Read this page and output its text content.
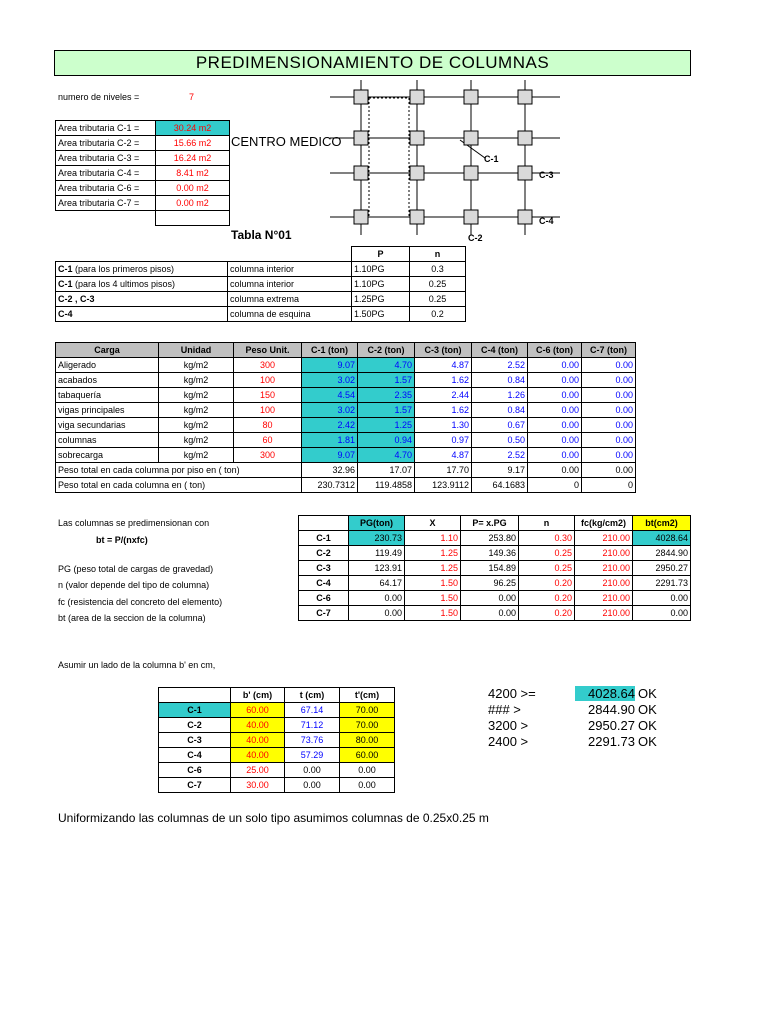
PREDIMENSIONAMIENTO DE COLUMNAS
numero de niveles =	7
Area tributaria C-1 =	30.24 m2
Area tributaria C-2 =	15.66 m2
Area tributaria C-3 =	16.24 m2
Area tributaria C-4 =	8.41 m2
Area tributaria C-6 =	0.00 m2
Area tributaria C-7 =	0.00 m2

CENTRO MEDICO
C-1
C-2
C-3
C-4
Tabla N°01
		P	n
C-1 (para los primeros pisos)	columna interior	1.10PG	0.3
C-1 (para los 4 ultimos pisos)	columna interior	1.10PG	0.25
C-2 , C-3	columna extrema	1.25PG	0.25
C-4	columna de esquina	1.50PG	0.2
Carga	Unidad	Peso Unit.	C-1 (ton)	C-2 (ton)	C-3 (ton)	C-4 (ton)	C-6 (ton)	C-7 (ton)
Aligerado	kg/m2	300	9.07	4.70	4.87	2.52	0.00	0.00
acabados	kg/m2	100	3.02	1.57	1.62	0.84	0.00	0.00
tabaquería	kg/m2	150	4.54	2.35	2.44	1.26	0.00	0.00
vigas principales	kg/m2	100	3.02	1.57	1.62	0.84	0.00	0.00
viga secundarias	kg/m2	80	2.42	1.25	1.30	0.67	0.00	0.00
columnas	kg/m2	60	1.81	0.94	0.97	0.50	0.00	0.00
sobrecarga	kg/m2	300	9.07	4.70	4.87	2.52	0.00	0.00
Peso total en cada columna por piso en ( ton)			32.96	17.07	17.70	9.17	0.00	0.00
Peso total en cada columna en ( ton)			230.7312	119.4858	123.9112	64.1683	0	0
Las columnas se predimensionan con
bt = P/(nxfc)
PG (peso total de cargas de gravedad)
n (valor depende del tipo de columna)
fc (resistencia del concreto del elemento)
bt (area de la seccion de la columna)
	PG(ton)	X	P= x.PG	n	fc(kg/cm2)	bt(cm2)
C-1	230.73	1.10	253.80	0.30	210.00	4028.64
C-2	119.49	1.25	149.36	0.25	210.00	2844.90
C-3	123.91	1.25	154.89	0.25	210.00	2950.27
C-4	64.17	1.50	96.25	0.20	210.00	2291.73
C-6	0.00	1.50	0.00	0.20	210.00	0.00
C-7	0.00	1.50	0.00	0.20	210.00	0.00
Asumir un lado de la columna b' en cm,
	b' (cm)	t (cm)	t'(cm)
C-1	60.00	67.14	70.00
C-2	40.00	71.12	70.00
C-3	40.00	73.76	80.00
C-4	40.00	57.29	60.00
C-6	25.00	0.00	0.00
C-7	30.00	0.00	0.00
4200 >=	4028.64 OK
### >	2844.90 OK
3200 >	2950.27 OK
2400 >	2291.73 OK
Uniformizando las columnas de un solo tipo asumimos columnas de 0.25x0.25 m
